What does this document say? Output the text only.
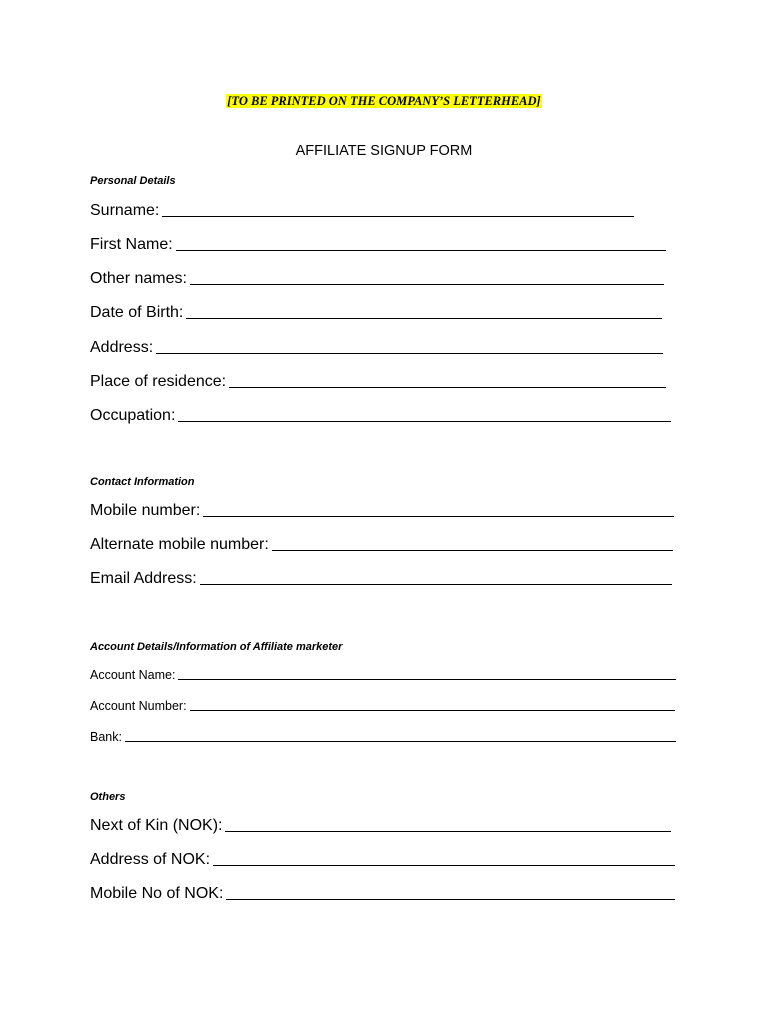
[TO BE PRINTED ON THE COMPANY’S LETTERHEAD]
AFFILIATE SIGNUP FORM
Personal Details
Surname:
First Name:
Other names:
Date of Birth:
Address:
Place of residence:
Occupation:
Contact Information
Mobile number:
Alternate mobile number:
Email Address:
Account Details/Information of Affiliate marketer
Account Name:
Account Number:
Bank:
Others
Next of Kin (NOK):
Address of NOK:
Mobile No of NOK:
